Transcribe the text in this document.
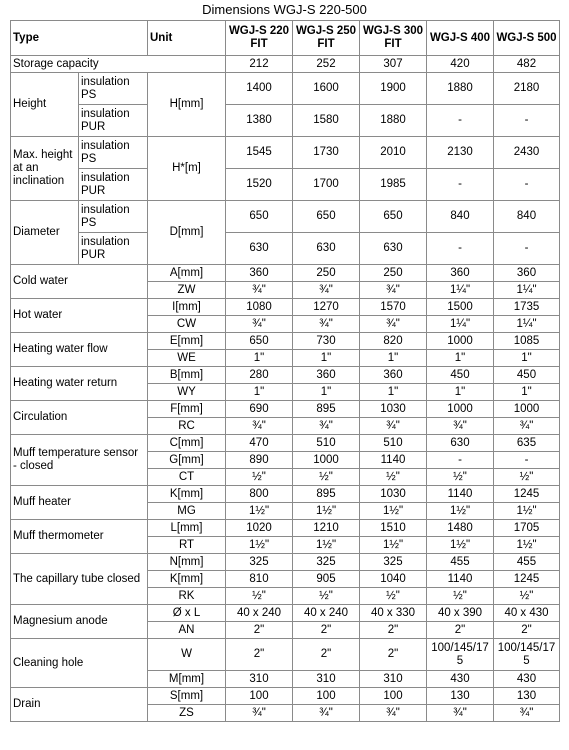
Dimensions WGJ-S 220-500
Type		Unit	WGJ-S 220 FIT	WGJ-S 250 FIT	WGJ-S 300 FIT	WGJ-S 400	WGJ-S 500
Storage capacity			212	252	307	420	482
Height	insulation PS	H[mm]	1400	1600	1900	1880	2180
	insulation PUR		1380	1580	1880	-	-
Max. height at an inclination	insulation PS	H*[m]	1545	1730	2010	2130	2430
	insulation PUR		1520	1700	1985	-	-
Diameter	insulation PS	D[mm]	650	650	650	840	840
	insulation PUR		630	630	630	-	-
Cold water		A[mm]	360	250	250	360	360
		ZW	¾"	¾"	¾"	1¼"	1¼"
Hot water		I[mm]	1080	1270	1570	1500	1735
		CW	¾"	¾"	¾"	1¼"	1¼"
Heating water flow		E[mm]	650	730	820	1000	1085
		WE	1"	1"	1"	1"	1"
Heating water return		B[mm]	280	360	360	450	450
		WY	1"	1"	1"	1"	1"
Circulation		F[mm]	690	895	1030	1000	1000
		RC	¾"	¾"	¾"	¾"	¾"
Muff temperature sensor - closed		C[mm]	470	510	510	630	635
		G[mm]	890	1000	1140	-	-
		CT	½"	½"	½"	½"	½"
Muff heater		K[mm]	800	895	1030	1140	1245
		MG	1½"	1½"	1½"	1½"	1½"
Muff thermometer		L[mm]	1020	1210	1510	1480	1705
		RT	1½"	1½"	1½"	1½"	1½"
The capillary tube closed		N[mm]	325	325	325	455	455
		K[mm]	810	905	1040	1140	1245
		RK	½"	½"	½"	½"	½"
Magnesium anode		Ø x L	40 x 240	40 x 240	40 x 330	40 x 390	40 x 430
		AN	2"	2"	2"	2"	2"
Cleaning hole		W	2"	2"	2"	100/145/175	100/145/175
		M[mm]	310	310	310	430	430
Drain		S[mm]	100	100	100	130	130
		ZS	¾"	¾"	¾"	¾"	¾"
